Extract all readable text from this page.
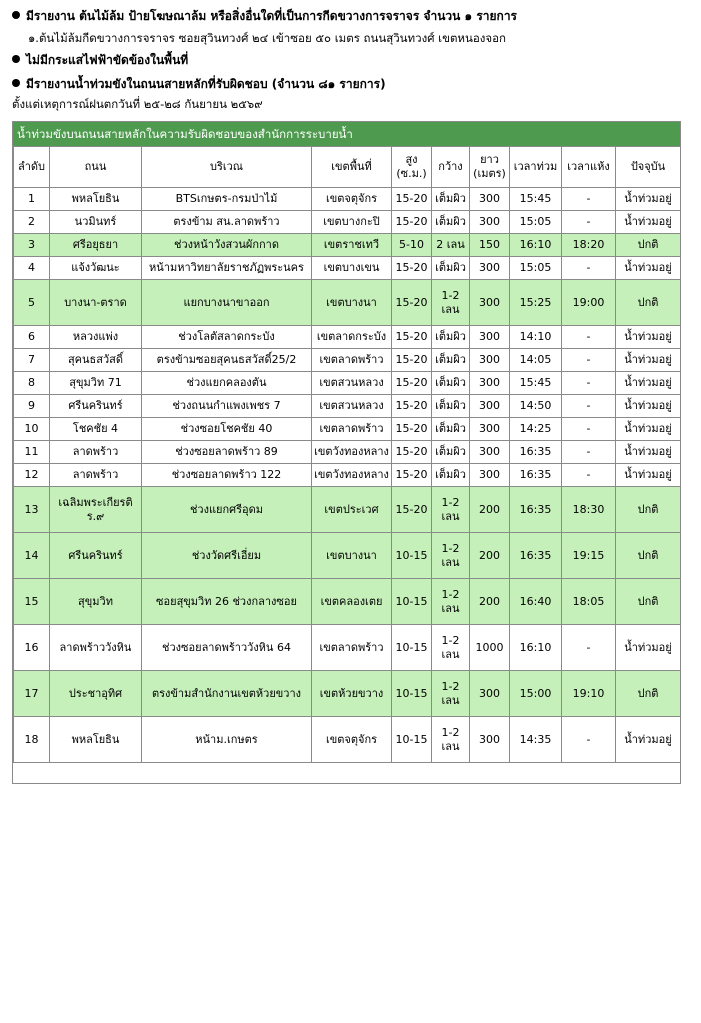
มีรายงาน ต้นไม้ล้ม ป้ายโฆษณาล้ม หรือสิ่งอื่นใดที่เป็นการกีดขวางการจราจร จำนวน ๑ รายการ
๑.ต้นไม้ล้มกีดขวางการจราจร ซอยสุวินทวงศ์ ๒๔ เข้าซอย ๕๐ เมตร ถนนสุวินทวงศ์ เขตหนองจอก
ไม่มีกระแสไฟฟ้าขัดข้องในพื้นที่
มีรายงานน้ำท่วมขังในถนนสายหลักที่รับผิดชอบ (จำนวน ๘๑ รายการ)
ตั้งแต่เหตุการณ์ฝนตกวันที่ ๒๕-๒๘ กันยายน ๒๕๖๙
น้ำท่วมขังบนถนนสายหลักในความรับผิดชอบของสำนักการระบายน้ำ
ลำดับ	ถนน	บริเวณ	เขตพื้นที่	สูง (ซ.ม.)	กว้าง	ยาว (เมตร)	เวลาท่วม	เวลาแห้ง	ปัจจุบัน
1	พหลโยธิน	BTSเกษตร-กรมป่าไม้	เขตจตุจักร	15-20	เต็มผิว	300	15:45	-	น้ำท่วมอยู่
2	นวมินทร์	ตรงข้าม สน.ลาดพร้าว	เขตบางกะปิ	15-20	เต็มผิว	300	15:05	-	น้ำท่วมอยู่
3	ศรีอยุธยา	ช่วงหน้าวังสวนผักกาด	เขตราชเทวี	5-10	2 เลน	150	16:10	18:20	ปกติ
4	แจ้งวัฒนะ	หน้ามหาวิทยาลัยราชภัฏพระนคร	เขตบางเขน	15-20	เต็มผิว	300	15:05	-	น้ำท่วมอยู่
5	บางนา-ตราด	แยกบางนาขาออก	เขตบางนา	15-20	1-2 เลน	300	15:25	19:00	ปกติ
6	หลวงแพ่ง	ช่วงโลตัสลาดกระบัง	เขตลาดกระบัง	15-20	เต็มผิว	300	14:10	-	น้ำท่วมอยู่
7	สุคนธสวัสดิ์	ตรงข้ามซอยสุคนธสวัสดิ์25/2	เขตลาดพร้าว	15-20	เต็มผิว	300	14:05	-	น้ำท่วมอยู่
8	สุขุมวิท 71	ช่วงแยกคลองตัน	เขตสวนหลวง	15-20	เต็มผิว	300	15:45	-	น้ำท่วมอยู่
9	ศรีนครินทร์	ช่วงถนนกำแพงเพชร 7	เขตสวนหลวง	15-20	เต็มผิว	300	14:50	-	น้ำท่วมอยู่
10	โชคชัย 4	ช่วงซอยโชคชัย 40	เขตลาดพร้าว	15-20	เต็มผิว	300	14:25	-	น้ำท่วมอยู่
11	ลาดพร้าว	ช่วงซอยลาดพร้าว 89	เขตวังทองหลาง	15-20	เต็มผิว	300	16:35	-	น้ำท่วมอยู่
12	ลาดพร้าว	ช่วงซอยลาดพร้าว 122	เขตวังทองหลาง	15-20	เต็มผิว	300	16:35	-	น้ำท่วมอยู่
13	เฉลิมพระเกียรติ ร.๙	ช่วงแยกศรีอุดม	เขตประเวศ	15-20	1-2 เลน	200	16:35	18:30	ปกติ
14	ศรีนครินทร์	ช่วงวัดศรีเอี่ยม	เขตบางนา	10-15	1-2 เลน	200	16:35	19:15	ปกติ
15	สุขุมวิท	ซอยสุขุมวิท 26 ช่วงกลางซอย	เขตคลองเตย	10-15	1-2 เลน	200	16:40	18:05	ปกติ
16	ลาดพร้าววังหิน	ช่วงซอยลาดพร้าววังหิน 64	เขตลาดพร้าว	10-15	1-2 เลน	1000	16:10	-	น้ำท่วมอยู่
17	ประชาอุทิศ	ตรงข้ามสำนักงานเขตห้วยขวาง	เขตห้วยขวาง	10-15	1-2 เลน	300	15:00	19:10	ปกติ
18	พหลโยธิน	หน้าม.เกษตร	เขตจตุจักร	10-15	1-2 เลน	300	14:35	-	น้ำท่วมอยู่
